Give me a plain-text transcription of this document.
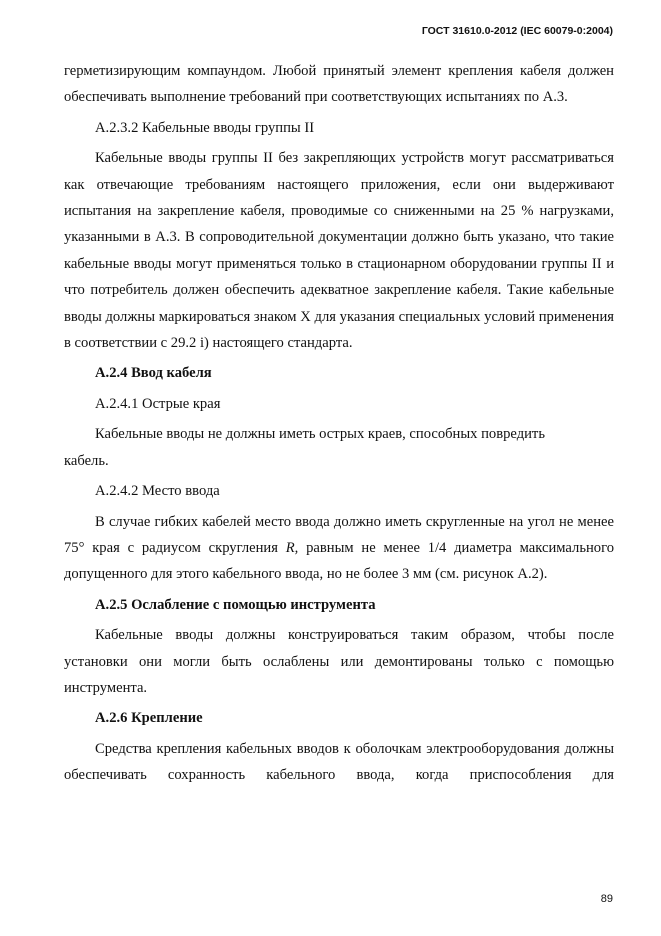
ГОСТ 31610.0-2012 (IEC 60079-0:2004)

герметизирующим компаундом. Любой принятый элемент крепления кабеля должен обеспечивать выполнение требований при соответствующих испытаниях по А.3.

А.2.3.2 Кабельные вводы группы II

Кабельные вводы группы II без закрепляющих устройств могут рассматриваться как отвечающие требованиям настоящего приложения, если они выдерживают испытания на закрепление кабеля, проводимые со сниженными на 25 % нагрузками, указанными в А.3. В сопроводительной документации должно быть указано, что такие кабельные вводы могут применяться только в стационарном оборудовании группы II и что потребитель должен обеспечить адекватное закрепление кабеля. Такие кабельные вводы должны маркироваться знаком X для указания специальных условий применения в соответствии с 29.2 i) настоящего стандарта.

А.2.4 Ввод кабеля

А.2.4.1 Острые края

Кабельные вводы не должны иметь острых краев, способных повредить

кабель.

А.2.4.2 Место ввода

В случае гибких кабелей место ввода должно иметь скругленные на угол не менее 75° края с радиусом скругления R, равным не менее 1/4 диаметра максимального допущенного для этого кабельного ввода, но не более 3 мм (см. рисунок А.2).

А.2.5 Ослабление с помощью инструмента

Кабельные вводы должны конструироваться таким образом, чтобы после установки они могли быть ослаблены или демонтированы только с помощью инструмента.

А.2.6 Крепление

Средства крепления кабельных вводов к оболочкам электрооборудования должны обеспечивать сохранность кабельного ввода, когда приспособления для

89
